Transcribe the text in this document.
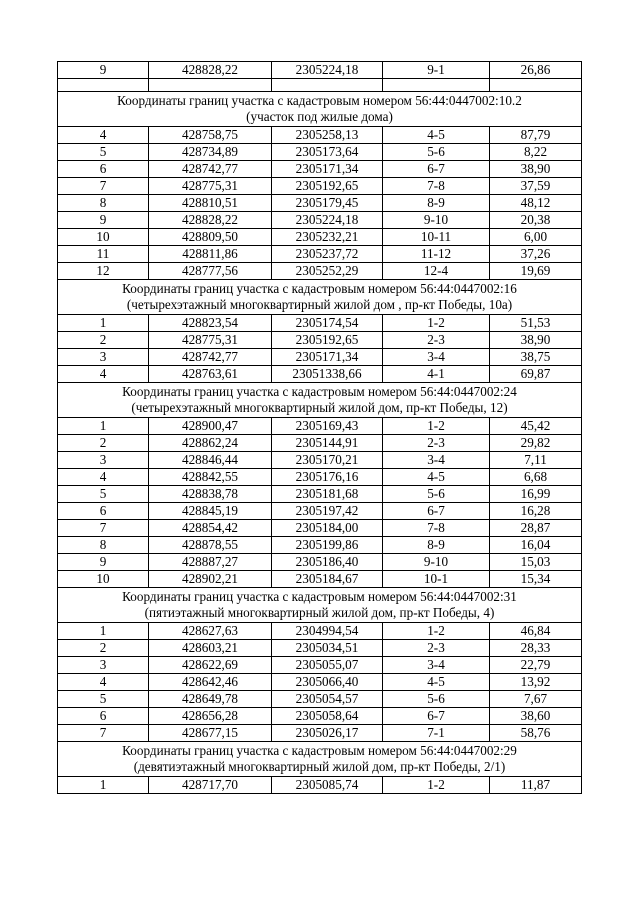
9	428828,22	2305224,18	9-1	26,86

Координаты границ участка с кадастровым номером 56:44:0447002:10.2
(участок под жилые дома)				

4	428758,75	2305258,13	4-5	87,79
5	428734,89	2305173,64	5-6	8,22
6	428742,77	2305171,34	6-7	38,90
7	428775,31	2305192,65	7-8	37,59
8	428810,51	2305179,45	8-9	48,12
9	428828,22	2305224,18	9-10	20,38
10	428809,50	2305232,21	10-11	6,00
11	428811,86	2305237,72	11-12	37,26
12	428777,56	2305252,29	12-4	19,69

Координаты границ участка с кадастровым номером 56:44:0447002:16
(четырехэтажный многоквартирный жилой дом , пр-кт Победы, 10а)				

1	428823,54	2305174,54	1-2	51,53
2	428775,31	2305192,65	2-3	38,90
3	428742,77	2305171,34	3-4	38,75
4	428763,61	23051338,66	4-1	69,87

Координаты границ участка с кадастровым номером 56:44:0447002:24
(четырехэтажный многоквартирный жилой дом, пр-кт Победы, 12)				

1	428900,47	2305169,43	1-2	45,42
2	428862,24	2305144,91	2-3	29,82
3	428846,44	2305170,21	3-4	7,11
4	428842,55	2305176,16	4-5	6,68
5	428838,78	2305181,68	5-6	16,99
6	428845,19	2305197,42	6-7	16,28
7	428854,42	2305184,00	7-8	28,87
8	428878,55	2305199,86	8-9	16,04
9	428887,27	2305186,40	9-10	15,03
10	428902,21	2305184,67	10-1	15,34

Координаты границ участка с кадастровым номером 56:44:0447002:31
(пятиэтажный многоквартирный жилой дом, пр-кт Победы, 4)				

1	428627,63	2304994,54	1-2	46,84
2	428603,21	2305034,51	2-3	28,33
3	428622,69	2305055,07	3-4	22,79
4	428642,46	2305066,40	4-5	13,92
5	428649,78	2305054,57	5-6	7,67
6	428656,28	2305058,64	6-7	38,60
7	428677,15	2305026,17	7-1	58,76

Координаты границ участка с кадастровым номером 56:44:0447002:29
(девятиэтажный многоквартирный жилой дом, пр-кт Победы, 2/1)				

1	428717,70	2305085,74	1-2	11,87
